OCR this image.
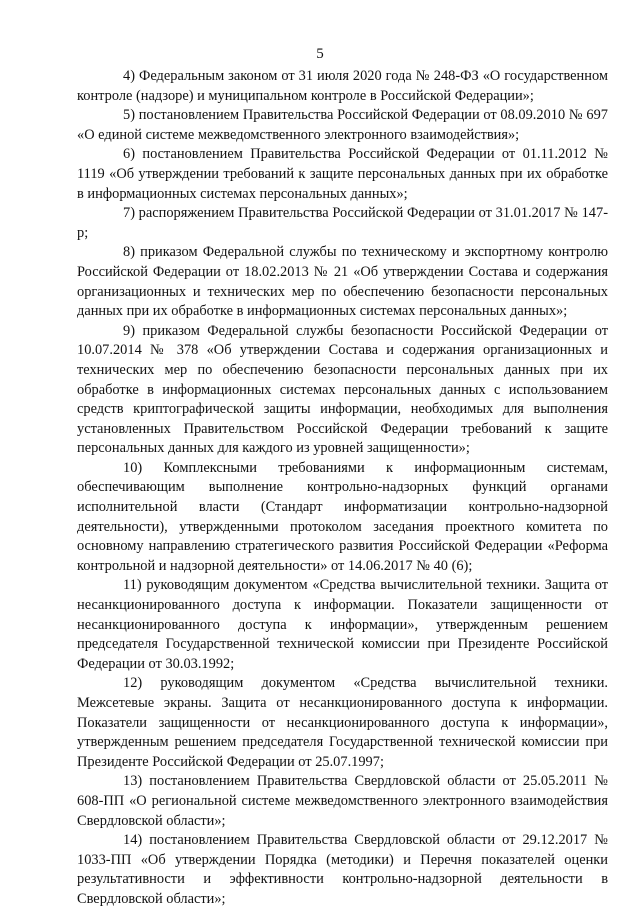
5

4) Федеральным законом от 31 июля 2020 года № 248-ФЗ «О государственном контроле (надзоре) и муниципальном контроле в Российской Федерации»;

5) постановлением Правительства Российской Федерации от 08.09.2010 № 697 «О единой системе межведомственного электронного взаимодействия»;

6) постановлением Правительства Российской Федерации от 01.11.2012 № 1119 «Об утверждении требований к защите персональных данных при их обработке в информационных системах персональных данных»;

7) распоряжением Правительства Российской Федерации от 31.01.2017 № 147-р;

8) приказом Федеральной службы по техническому и экспортному контролю Российской Федерации от 18.02.2013 № 21 «Об утверждении Состава и содержания организационных и технических мер по обеспечению безопасности персональных данных при их обработке в информационных системах персональных данных»;

9) приказом Федеральной службы безопасности Российской Федерации от 10.07.2014 № 378 «Об утверждении Состава и содержания организационных и технических мер по обеспечению безопасности персональных данных при их обработке в информационных системах персональных данных с использованием средств криптографической защиты информации, необходимых для выполнения установленных Правительством Российской Федерации требований к защите персональных данных для каждого из уровней защищенности»;

10) Комплексными требованиями к информационным системам, обеспечивающим выполнение контрольно-надзорных функций органами исполнительной власти (Стандарт информатизации контрольно-надзорной деятельности), утвержденными протоколом заседания проектного комитета по основному направлению стратегического развития Российской Федерации «Реформа контрольной и надзорной деятельности» от 14.06.2017 № 40 (6);

11) руководящим документом «Средства вычислительной техники. Защита от несанкционированного доступа к информации. Показатели защищенности от несанкционированного доступа к информации», утвержденным решением председателя Государственной технической комиссии при Президенте Российской Федерации от 30.03.1992;

12) руководящим документом «Средства вычислительной техники. Межсетевые экраны. Защита от несанкционированного доступа к информации. Показатели защищенности от несанкционированного доступа к информации», утвержденным решением председателя Государственной технической комиссии при Президенте Российской Федерации от 25.07.1997;

13) постановлением Правительства Свердловской области от 25.05.2011 № 608-ПП «О региональной системе межведомственного электронного взаимодействия Свердловской области»;

14) постановлением Правительства Свердловской области от 29.12.2017 № 1033-ПП «Об утверждении Порядка (методики) и Перечня показателей оценки результативности и эффективности контрольно-надзорной деятельности в Свердловской области»;
